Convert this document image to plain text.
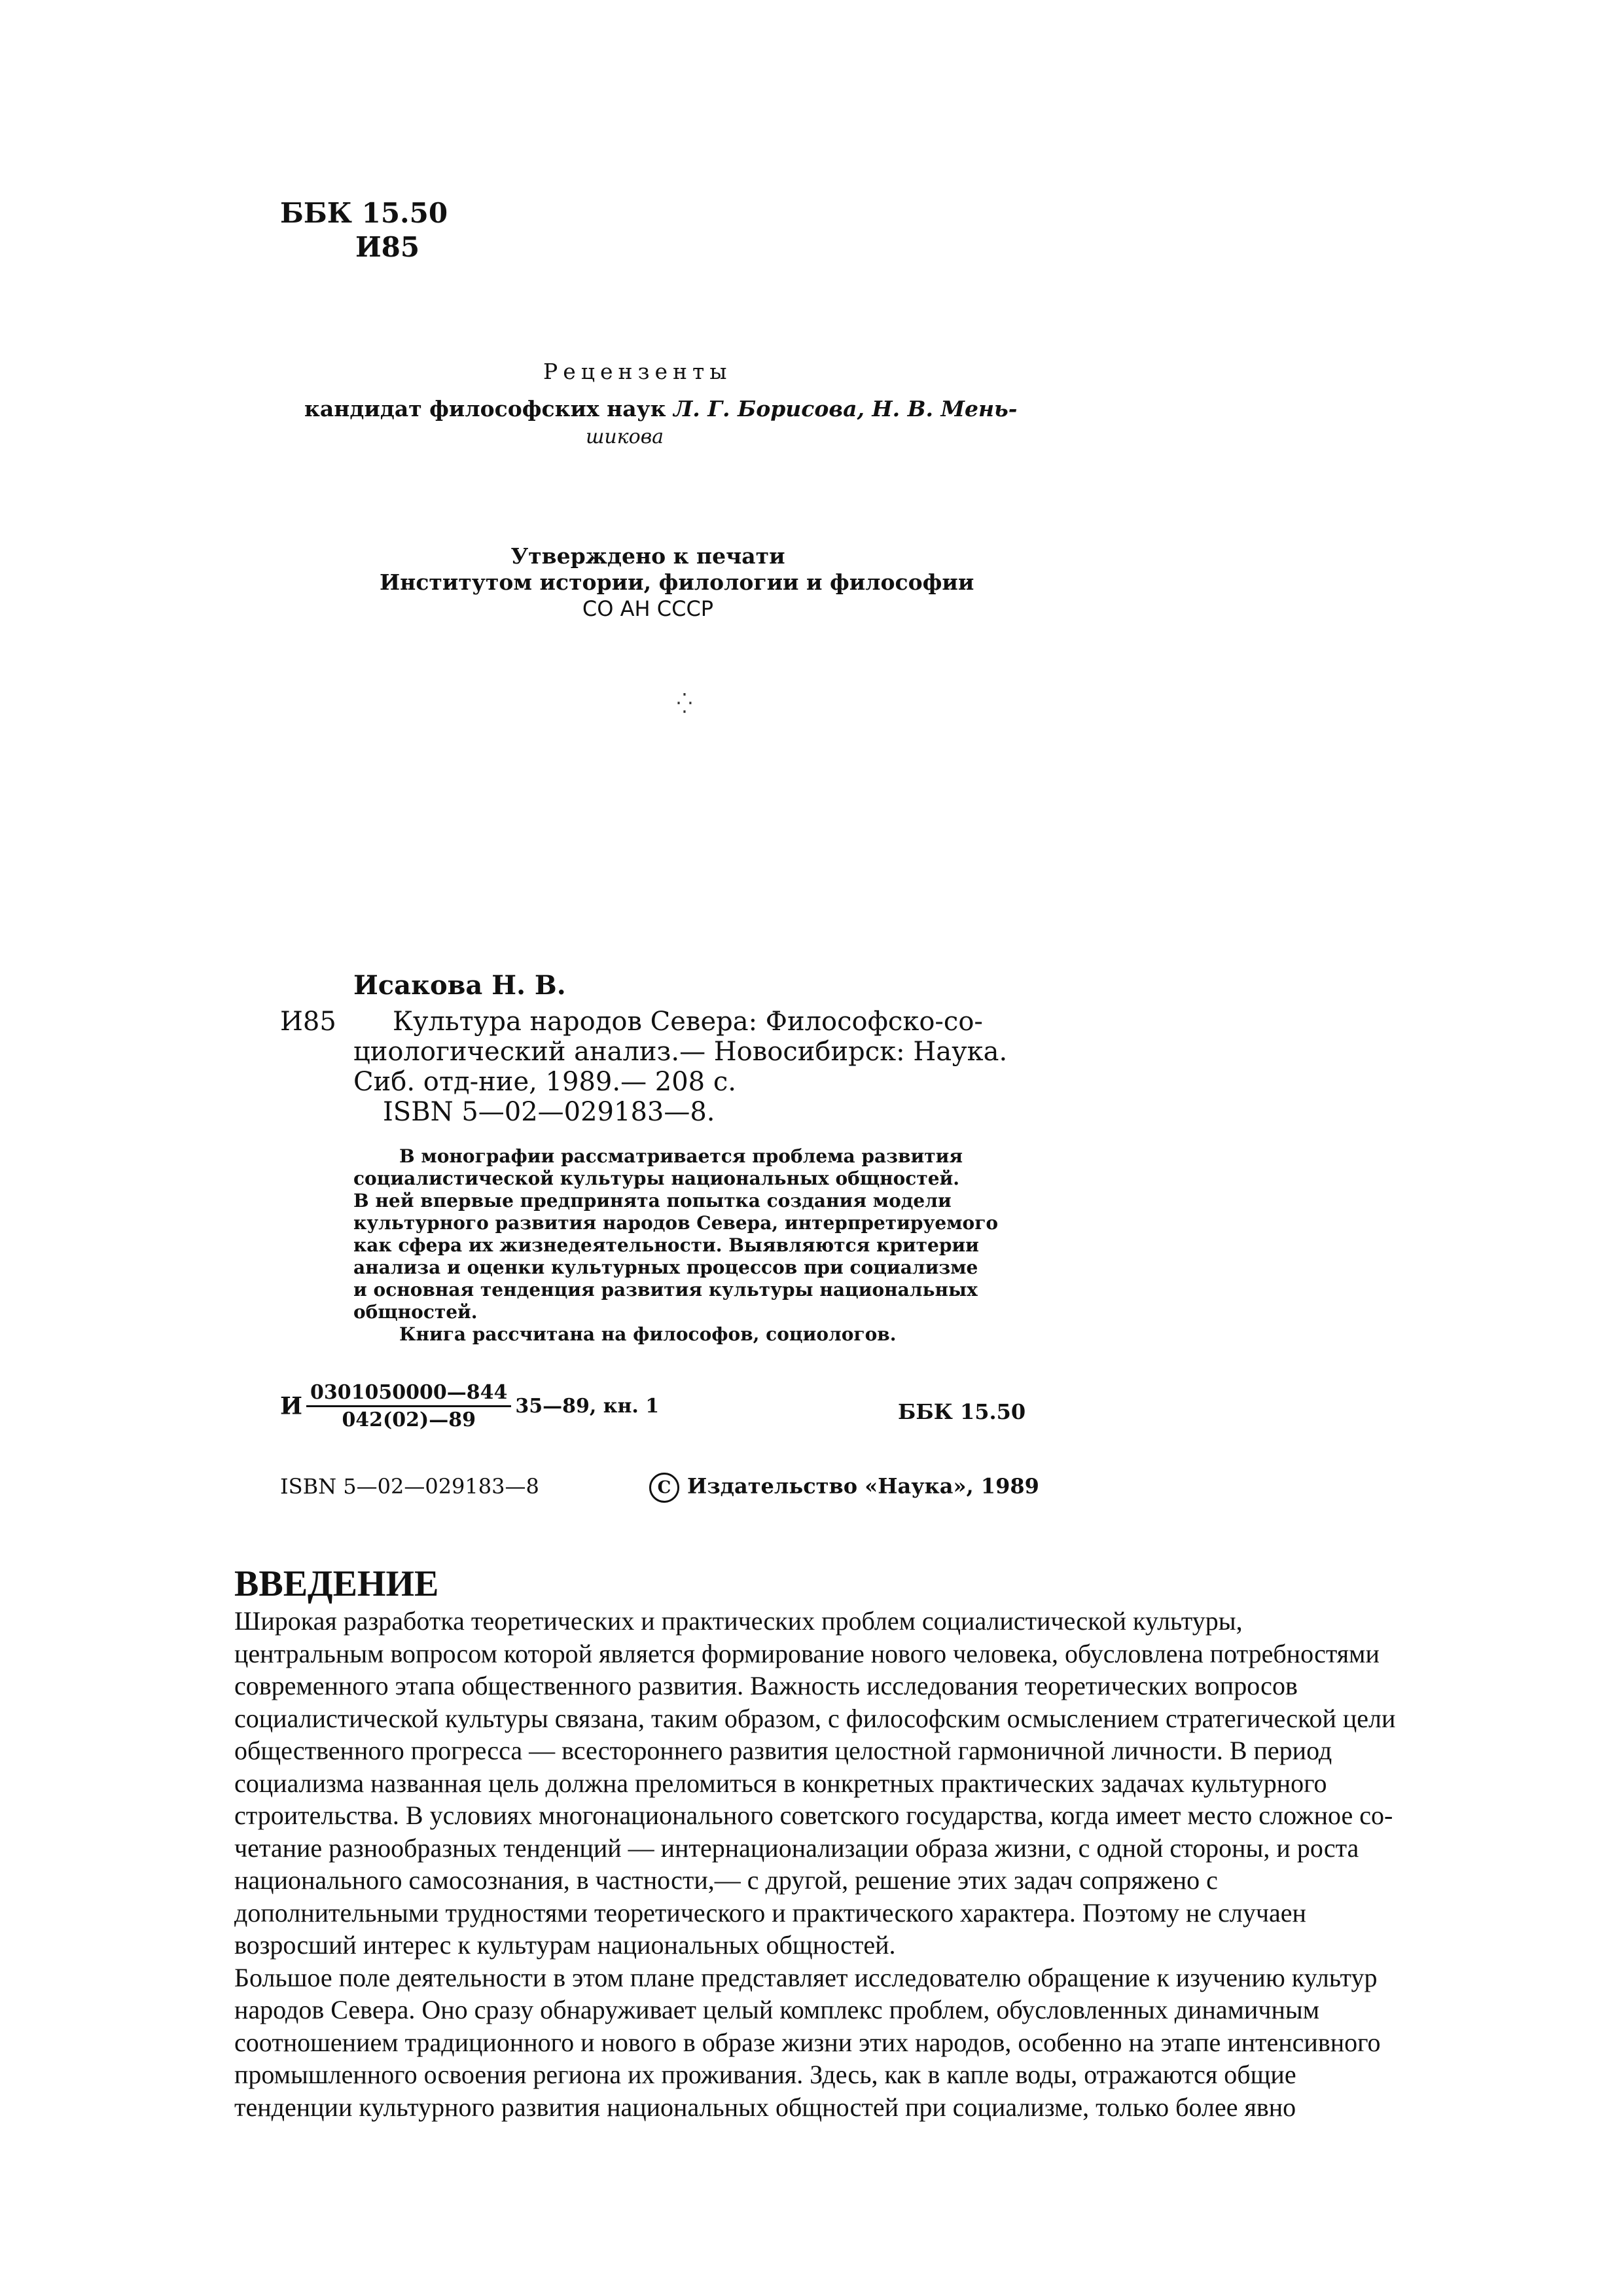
ББК 15.50
И85
Рецензенты
кандидат философских наук Л. Г. Борисова, Н. В. Мень-
шикова
Утверждено к печати
Институтом истории, филологии и философии
СО АН СССР
⁛
Исакова Н. В.
И85	Культура народов Севера: Философско-со-
циологический анализ.— Новосибирск: Наука.
Сиб. отд-ние, 1989.— 208 с.
ISBN 5—02—029183—8.
В монографии рассматривается проблема развития
социалистической культуры национальных общностей.
В ней впервые предпринята попытка создания модели
культурного развития народов Севера, интерпретируемого
как сфера их жизнедеятельности. Выявляются критерии
анализа и оценки культурных процессов при социализме
и основная тенденция развития культуры национальных
общностей.
Книга рассчитана на философов, социологов.
И $\frac{0301050000—844}{042(02)—89}$ 35—89, кн. 1	ББК 15.50
ISBN 5—02—029183—8	C Издательство «Наука», 1989
ВВЕДЕНИЕ
Широкая разработка теоретических и практических проблем социалистической культуры,
центральным вопросом которой является формирование нового человека, обусловлена потребностями
современного этапа общественного развития. Важность исследования теоретических вопросов
социалистической культуры связана, таким образом, с философским осмыслением стратегической цели
общественного прогресса — всестороннего развития целостной гармоничной личности. В период
социализма названная цель должна преломиться в конкретных практических задачах культурного
строительства. В условиях многонационального советского государства, когда имеет место сложное со-
четание разнообразных тенденций — интернационализации образа жизни, с одной стороны, и роста
национального самосознания, в частности,— с другой, решение этих задач сопряжено с
дополнительными трудностями теоретического и практического характера. Поэтому не случаен
возросший интерес к культурам национальных общностей.
Большое поле деятельности в этом плане представляет исследователю обращение к изучению культур
народов Севера. Оно сразу обнаруживает целый комплекс проблем, обусловленных динамичным
соотношением традиционного и нового в образе жизни этих народов, особенно на этапе интенсивного
промышленного освоения региона их проживания. Здесь, как в капле воды, отражаются общие
тенденции культурного развития национальных общностей при социализме, только более явно
